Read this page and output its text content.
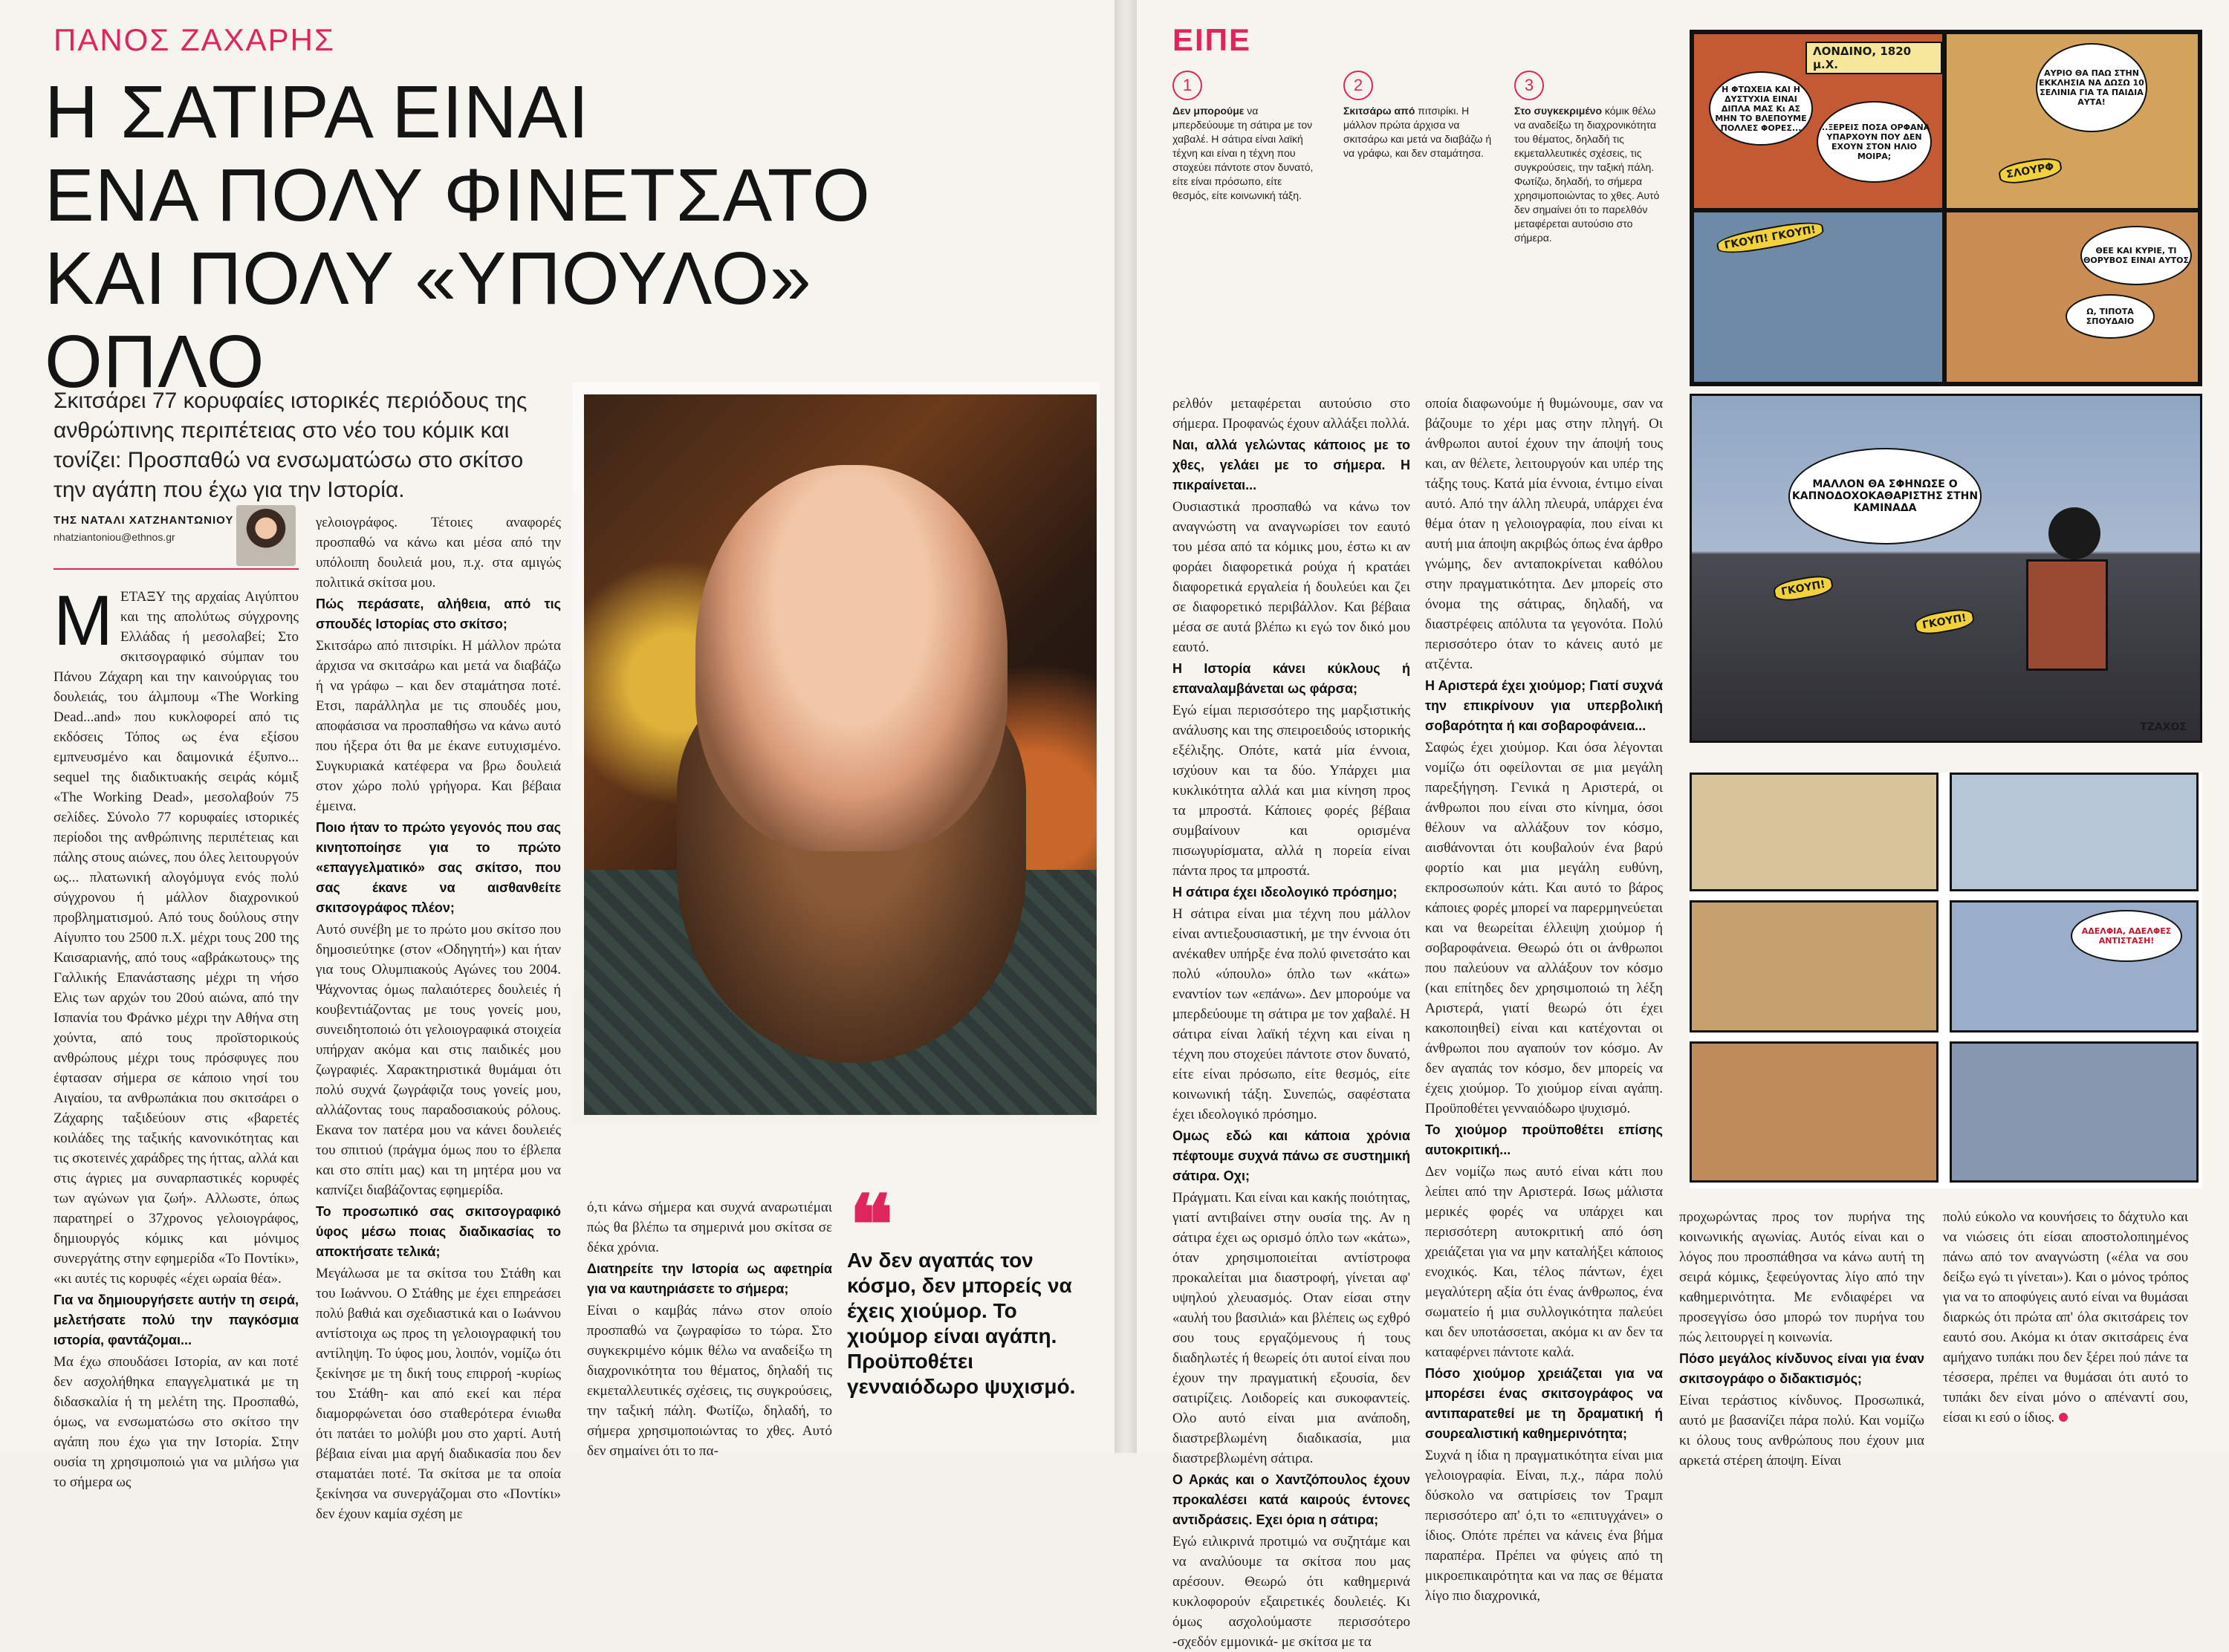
ΠΑΝΟΣ ΖΑΧΑΡΗΣ
Η ΣΑΤΙΡΑ ΕΙΝΑΙ
ΕΝΑ ΠΟΛΥ ΦΙΝΕΤΣΑΤΟ
ΚΑΙ ΠΟΛΥ «ΥΠΟΥΛΟ» ΟΠΛΟ
Σκιτσάρει 77 κορυφαίες ιστορικές περιόδους της ανθρώπινης περιπέτειας στο νέο του κόμικ και τονίζει: Προσπαθώ να ενσωματώσω στο σκίτσο την αγάπη που έχω για την Ιστορία.
ΤΗΣ ΝΑΤΑΛΙ ΧΑΤΖΗΑΝΤΩΝΙΟΥ
nhatziantoniou@ethnos.gr
Μ ΕΤΑΞΥ της αρχαίας Αιγύπτου και της απολύτως σύγχρονης Ελλάδας ή μεσολαβεί; Στο σκιτσογραφικό σύμπαν του Πάνου Ζάχαρη και την καινούργιας του δουλειάς, του άλμπουμ «The Working Dead...and» που κυκλοφορεί από τις εκδόσεις Τόπος ως ένα εξίσου εμπνευσμένο και δαιμονικά έξυπνο... sequel της διαδικτυακής σειράς κόμιξ «The Working Dead», μεσολαβούν 75 σελίδες. Σύνολο 77 κορυφαίες ιστορικές περίοδοι της ανθρώπινης περιπέτειας και πάλης στους αιώνες, που όλες λειτουργούν ως... πλατωνική αλογόμυγα ενός πολύ σύγχρονου ή μάλλον διαχρονικού προβληματισμού. Από τους δούλους στην Αίγυπτο του 2500 π.Χ. μέχρι τους 200 της Καισαριανής, από τους «αβράκωτους» της Γαλλικής Επανάστασης μέχρι τη νήσο Ελις των αρχών του 20ού αιώνα, από την Ισπανία του Φράνκο μέχρι την Αθήνα στη χούντα, από τους προϊστορικούς ανθρώπους μέχρι τους πρόσφυγες που έφτασαν σήμερα σε κάποιο νησί του Αιγαίου, τα ανθρωπάκια που σκιτσάρει ο Ζάχαρης ταξιδεύουν στις «βαρετές κοιλάδες της ταξικής κανονικότητας και τις σκοτεινές χαράδρες της ήττας, αλλά και στις άγριες μα συναρπαστικές κορυφές των αγώνων για ζωή». Αλλωστε, όπως παρατηρεί ο 37χρονος γελοιογράφος, δημιουργός κόμικς και μόνιμος συνεργάτης στην εφημερίδα «Το Ποντίκι», «κι αυτές τις κορυφές «έχει ωραία θέα».

Για να δημιουργήσετε αυτήν τη σειρά, μελετήσατε πολύ την παγκόσμια ιστορία, φαντάζομαι...

Μα έχω σπουδάσει Ιστορία, αν και ποτέ δεν ασχολήθηκα επαγγελματικά με τη διδασκαλία ή τη μελέτη της. Προσπαθώ, όμως, να ενσωματώσω στο σκίτσο την αγάπη που έχω για την Ιστορία. Στην ουσία τη χρησιμοποιώ για να μιλήσω για το σήμερα ως

γελοιογράφος. Τέτοιες αναφορές προσπαθώ να κάνω και μέσα από την υπόλοιπη δουλειά μου, π.χ. στα αμιγώς πολιτικά σκίτσα μου.

Πώς περάσατε, αλήθεια, από τις σπουδές Ιστορίας στο σκίτσο;

Σκιτσάρω από πιτσιρίκι. Η μάλλον πρώτα άρχισα να σκιτσάρω και μετά να διαβάζω ή να γράφω – και δεν σταμάτησα ποτέ. Ετσι, παράλληλα με τις σπουδές μου, αποφάσισα να προσπαθήσω να κάνω αυτό που ήξερα ότι θα με έκανε ευτυχισμένο. Συγκυριακά κατέφερα να βρω δουλειά στον χώρο πολύ γρήγορα. Και βέβαια έμεινα.

Ποιο ήταν το πρώτο γεγονός που σας κινητοποίησε για το πρώτο «επαγγελματικό» σας σκίτσο, που σας έκανε να αισθανθείτε σκιτσογράφος πλέον;

Αυτό συνέβη με το πρώτο μου σκίτσο που δημοσιεύτηκε (στον «Οδηγητή») και ήταν για τους Ολυμπιακούς Αγώνες του 2004. Ψάχνοντας όμως παλαιότερες δουλειές ή κουβεντιάζοντας με τους γονείς μου, συνειδητοποιώ ότι γελοιογραφικά στοιχεία υπήρχαν ακόμα και στις παιδικές μου ζωγραφιές. Χαρακτηριστικά θυμάμαι ότι πολύ συχνά ζωγράφιζα τους γονείς μου, αλλάζοντας τους παραδοσιακούς ρόλους. Εκανα τον πατέρα μου να κάνει δουλειές του σπιτιού (πράγμα όμως που το έβλεπα και στο σπίτι μας) και τη μητέρα μου να καπνίζει διαβάζοντας εφημερίδα.

Το προσωπικό σας σκιτσογραφικό ύφος μέσω ποιας διαδικασίας το αποκτήσατε τελικά;

Μεγάλωσα με τα σκίτσα του Στάθη και του Ιωάννου. Ο Στάθης με έχει επηρεάσει πολύ βαθιά και σχεδιαστικά και ο Ιωάννου αντίστοιχα ως προς τη γελοιογραφική του αντίληψη. Το ύφος μου, λοιπόν, νομίζω ότι ξεκίνησε με τη δική τους επιρροή -κυρίως του Στάθη- και από εκεί και πέρα διαμορφώνεται όσο σταθερότερα ένιωθα ότι πατάει το μολύβι μου στο χαρτί. Αυτή βέβαια είναι μια αργή διαδικασία που δεν σταματάει ποτέ. Τα σκίτσα με τα οποία ξεκίνησα να συνεργάζομαι στο «Ποντίκι» δεν έχουν καμία σχέση με

ό,τι κάνω σήμερα και συχνά αναρωτιέμαι πώς θα βλέπω τα σημερινά μου σκίτσα σε δέκα χρόνια.

Διατηρείτε την Ιστορία ως αφετηρία για να καυτηριάσετε το σήμερα;

Είναι ο καμβάς πάνω στον οποίο προσπαθώ να ζωγραφίσω το τώρα. Στο συγκεκριμένο κόμικ θέλω να αναδείξω τη διαχρονικότητα του θέματος, δηλαδή τις εκμεταλλευτικές σχέσεις, τις συγκρούσεις, την ταξική πάλη. Φωτίζω, δηλαδή, το σήμερα χρησιμοποιώντας το χθες. Αυτό δεν σημαίνει ότι το πα-

❝
Αν δεν αγαπάς τον κόσμο, δεν μπορείς να έχεις χιούμορ. Το χιούμορ είναι αγάπη. Προϋποθέτει γενναιόδωρο ψυχισμό.
ΕΙΠΕ
1
Δεν μπορούμε να μπερδεύουμε τη σάτιρα με τον χαβαλέ. Η σάτιρα είναι λαϊκή τέχνη και είναι η τέχνη που στοχεύει πάντοτε στον δυνατό, είτε είναι πρόσωπο, είτε θεσμός, είτε κοινωνική τάξη.
2
Σκιτσάρω από πιτσιρίκι. Η μάλλον πρώτα άρχισα να σκιτσάρω και μετά να διαβάζω ή να γράφω, και δεν σταμάτησα.
3
Στο συγκεκριμένο κόμικ θέλω να αναδείξω τη διαχρονικότητα του θέματος, δηλαδή τις εκμεταλλευτικές σχέσεις, τις συγκρούσεις, την ταξική πάλη. Φωτίζω, δηλαδή, το σήμερα χρησιμοποιώντας το χθες. Αυτό δεν σημαίνει ότι το παρελθόν μεταφέρεται αυτούσιο στο σήμερα.

ρελθόν μεταφέρεται αυτούσιο στο σήμερα. Προφανώς έχουν αλλάξει πολλά.

Ναι, αλλά γελώντας κάποιος με το χθες, γελάει με το σήμερα. Η πικραίνεται...

Ουσιαστικά προσπαθώ να κάνω τον αναγνώστη να αναγνωρίσει τον εαυτό του μέσα από τα κόμικς μου, έστω κι αν φοράει διαφορετικά ρούχα ή κρατάει διαφορετικά εργαλεία ή δουλεύει και ζει σε διαφορετικό περιβάλλον. Και βέβαια μέσα σε αυτά βλέπω κι εγώ τον δικό μου εαυτό.

Η Ιστορία κάνει κύκλους ή επαναλαμβάνεται ως φάρσα;

Εγώ είμαι περισσότερο της μαρξιστικής ανάλυσης και της σπειροειδούς ιστορικής εξέλιξης. Οπότε, κατά μία έννοια, ισχύουν και τα δύο. Υπάρχει μια κυκλικότητα αλλά και μια κίνηση προς τα μπροστά. Κάποιες φορές βέβαια συμβαίνουν και ορισμένα πισωγυρίσματα, αλλά η πορεία είναι πάντα προς τα μπροστά.

Η σάτιρα έχει ιδεολογικό πρόσημο;

Η σάτιρα είναι μια τέχνη που μάλλον είναι αντιεξουσιαστική, με την έννοια ότι ανέκαθεν υπήρξε ένα πολύ φινετσάτο και πολύ «ύπουλο» όπλο των «κάτω» εναντίον των «επάνω». Δεν μπορούμε να μπερδεύουμε τη σάτιρα με τον χαβαλέ. Η σάτιρα είναι λαϊκή τέχνη και είναι η τέχνη που στοχεύει πάντοτε στον δυνατό, είτε είναι πρόσωπο, είτε θεσμός, είτε κοινωνική τάξη. Συνεπώς, σαφέστατα έχει ιδεολογικό πρόσημο.

Ομως εδώ και κάποια χρόνια πέφτουμε συχνά πάνω σε συστημική σάτιρα. Οχι;

Πράγματι. Και είναι και κακής ποιότητας, γιατί αντιβαίνει στην ουσία της. Αν η σάτιρα έχει ως ορισμό όπλο των «κάτω», όταν χρησιμοποιείται αντίστροφα προκαλείται μια διαστροφή, γίνεται αφ' υψηλού χλευασμός. Οταν είσαι στην «αυλή του βασιλιά» και βλέπεις ως εχθρό σου τους εργαζόμενους ή τους διαδηλωτές ή θεωρείς ότι αυτοί είναι που έχουν την πραγματική εξουσία, δεν σατιρίζεις. Λοιδορείς και συκοφαντείς. Ολο αυτό είναι μια ανάποδη, διαστρεβλωμένη διαδικασία, μια διαστρεβλωμένη σάτιρα.

Ο Αρκάς και ο Χαντζόπουλος έχουν προκαλέσει κατά καιρούς έντονες αντιδράσεις. Εχει όρια η σάτιρα;

Εγώ ειλικρινά προτιμώ να συζητάμε και να αναλύουμε τα σκίτσα που μας αρέσουν. Θεωρώ ότι καθημερινά κυκλοφορούν εξαιρετικές δουλειές. Κι όμως ασχολούμαστε περισσότερο -σχεδόν εμμονικά- με σκίτσα με τα

οποία διαφωνούμε ή θυμώνουμε, σαν να βάζουμε το χέρι μας στην πληγή. Οι άνθρωποι αυτοί έχουν την άποψή τους και, αν θέλετε, λειτουργούν και υπέρ της τάξης τους. Κατά μία έννοια, έντιμο είναι αυτό. Από την άλλη πλευρά, υπάρχει ένα θέμα όταν η γελοιογραφία, που είναι κι αυτή μια άποψη ακριβώς όπως ένα άρθρο γνώμης, δεν ανταποκρίνεται καθόλου στην πραγματικότητα. Δεν μπορείς στο όνομα της σάτιρας, δηλαδή, να διαστρέφεις απόλυτα τα γεγονότα. Πολύ περισσότερο όταν το κάνεις αυτό με ατζέντα.

Η Αριστερά έχει χιούμορ; Γιατί συχνά την επικρίνουν για υπερβολική σοβαρότητα ή και σοβαροφάνεια...

Σαφώς έχει χιούμορ. Και όσα λέγονται νομίζω ότι οφείλονται σε μια μεγάλη παρεξήγηση. Γενικά η Αριστερά, οι άνθρωποι που είναι στο κίνημα, όσοι θέλουν να αλλάξουν τον κόσμο, αισθάνονται ότι κουβαλούν ένα βαρύ φορτίο και μια μεγάλη ευθύνη, εκπροσωπούν κάτι. Και αυτό το βάρος κάποιες φορές μπορεί να παρερμηνεύεται και να θεωρείται έλλειψη χιούμορ ή σοβαροφάνεια. Θεωρώ ότι οι άνθρωποι που παλεύουν να αλλάξουν τον κόσμο (και επίτηδες δεν χρησιμοποιώ τη λέξη Αριστερά, γιατί θεωρώ ότι έχει κακοποιηθεί) είναι και κατέχονται οι άνθρωποι που αγαπούν τον κόσμο. Αν δεν αγαπάς τον κόσμο, δεν μπορείς να έχεις χιούμορ. Το χιούμορ είναι αγάπη. Προϋποθέτει γενναιόδωρο ψυχισμό.

Το χιούμορ προϋποθέτει επίσης αυτοκριτική...

Δεν νομίζω πως αυτό είναι κάτι που λείπει από την Αριστερά. Ισως μάλιστα μερικές φορές να υπάρχει και περισσότερη αυτοκριτική από όση χρειάζεται για να μην καταλήξει κάποιος ενοχικός. Και, τέλος πάντων, έχει μεγαλύτερη αξία ότι ένας άνθρωπος, ένα σωματείο ή μια συλλογικότητα παλεύει και δεν υποτάσσεται, ακόμα κι αν δεν τα καταφέρνει πάντοτε καλά.

Πόσο χιούμορ χρειάζεται για να μπορέσει ένας σκιτσογράφος να αντιπαρατεθεί με τη δραματική ή σουρεαλιστική καθημερινότητα;

Συχνά η ίδια η πραγματικότητα είναι μια γελοιογραφία. Είναι, π.χ., πάρα πολύ δύσκολο να σατιρίσεις τον Τραμπ περισσότερο απ' ό,τι το «επιτυγχάνει» ο ίδιος. Οπότε πρέπει να κάνεις ένα βήμα παραπέρα. Πρέπει να φύγεις από τη μικροεπικαιρότητα και να πας σε θέματα λίγο πιο διαχρονικά,

προχωρώντας προς τον πυρήνα της κοινωνικής αγωνίας. Αυτός είναι και ο λόγος που προσπάθησα να κάνω αυτή τη σειρά κόμικς, ξεφεύγοντας λίγο από την καθημερινότητα. Με ενδιαφέρει να προσεγγίσω όσο μπορώ τον πυρήνα του πώς λειτουργεί η κοινωνία.

Πόσο μεγάλος κίνδυνος είναι για έναν σκιτσογράφο ο διδακτισμός;

Είναι τεράστιος κίνδυνος. Προσωπικά, αυτό με βασανίζει πάρα πολύ. Και νομίζω κι όλους τους ανθρώπους που έχουν μια αρκετά στέρεη άποψη. Είναι

πολύ εύκολο να κουνήσεις το δάχτυλο και να νιώσεις ότι είσαι αποστολοπιημένος πάνω από τον αναγνώστη («έλα να σου δείξω εγώ τι γίνεται»). Και ο μόνος τρόπος για να το αποφύγεις αυτό είναι να θυμάσαι διαρκώς ότι πρώτα απ' όλα σκιτσάρεις τον εαυτό σου. Ακόμα κι όταν σκιτσάρεις ένα αμήχανο τυπάκι που δεν ξέρει πού πάνε τα τέσσερα, πρέπει να θυμάσαι ότι αυτό το τυπάκι δεν είναι μόνο ο απέναντί σου, είσαι κι εσύ ο ίδιος.

ΛΟΝΔΙΝΟ, 1820 μ.Χ.
Η ΦΤΩΧΕΙΑ ΚΑΙ Η ΔΥΣΤΥΧΙΑ ΕΙΝΑΙ ΔΙΠΛΑ ΜΑΣ Κι ΑΣ ΜΗΝ ΤΟ ΒΛΕΠΟΥΜΕ ΠΟΛΛΕΣ ΦΟΡΕΣ...	...ΞΕΡΕΙΣ ΠΟΣΑ ΟΡΦΑΝΑ ΥΠΑΡΧΟΥΝ ΠΟΥ ΔΕΝ ΕΧΟΥΝ ΣΤΟΝ ΗΛΙΟ ΜΟΙΡΑ;
ΑΥΡΙΟ ΘΑ ΠΑΩ ΣΤΗΝ ΕΚΚΛΗΣΙΑ ΝΑ ΔΩΣΩ 10 ΣΕΛΙΝΙΑ ΓΙΑ ΤΑ ΠΑΙΔΙΑ ΑΥΤΑ!
ΣΛΟΥΡΦ
ΓΚΟΥΠ! ΓΚΟΥΠ!	ΘΕΕ ΚΑΙ ΚΥΡΙΕ, ΤΙ ΘΟΡΥΒΟΣ ΕΙΝΑΙ ΑΥΤΟΣ
Ω, ΤΙΠΟΤΑ ΣΠΟΥΔΑΙΟ
ΜΑΛΛΟΝ ΘΑ ΣΦΗΝΩΣΕ Ο ΚΑΠΝΟΔΟΧΟΚΑΘΑΡΙΣΤΗΣ ΣΤΗΝ ΚΑΜΙΝΑΔΑ
ΓΚΟΥΠ!
ΓΚΟΥΠ!
ΤΖΑΧΟΣ
ΑΔΕΛΦΙΑ, ΑΔΕΛΦΕΣ ΑΝΤΙΣΤΑΣΗ!
